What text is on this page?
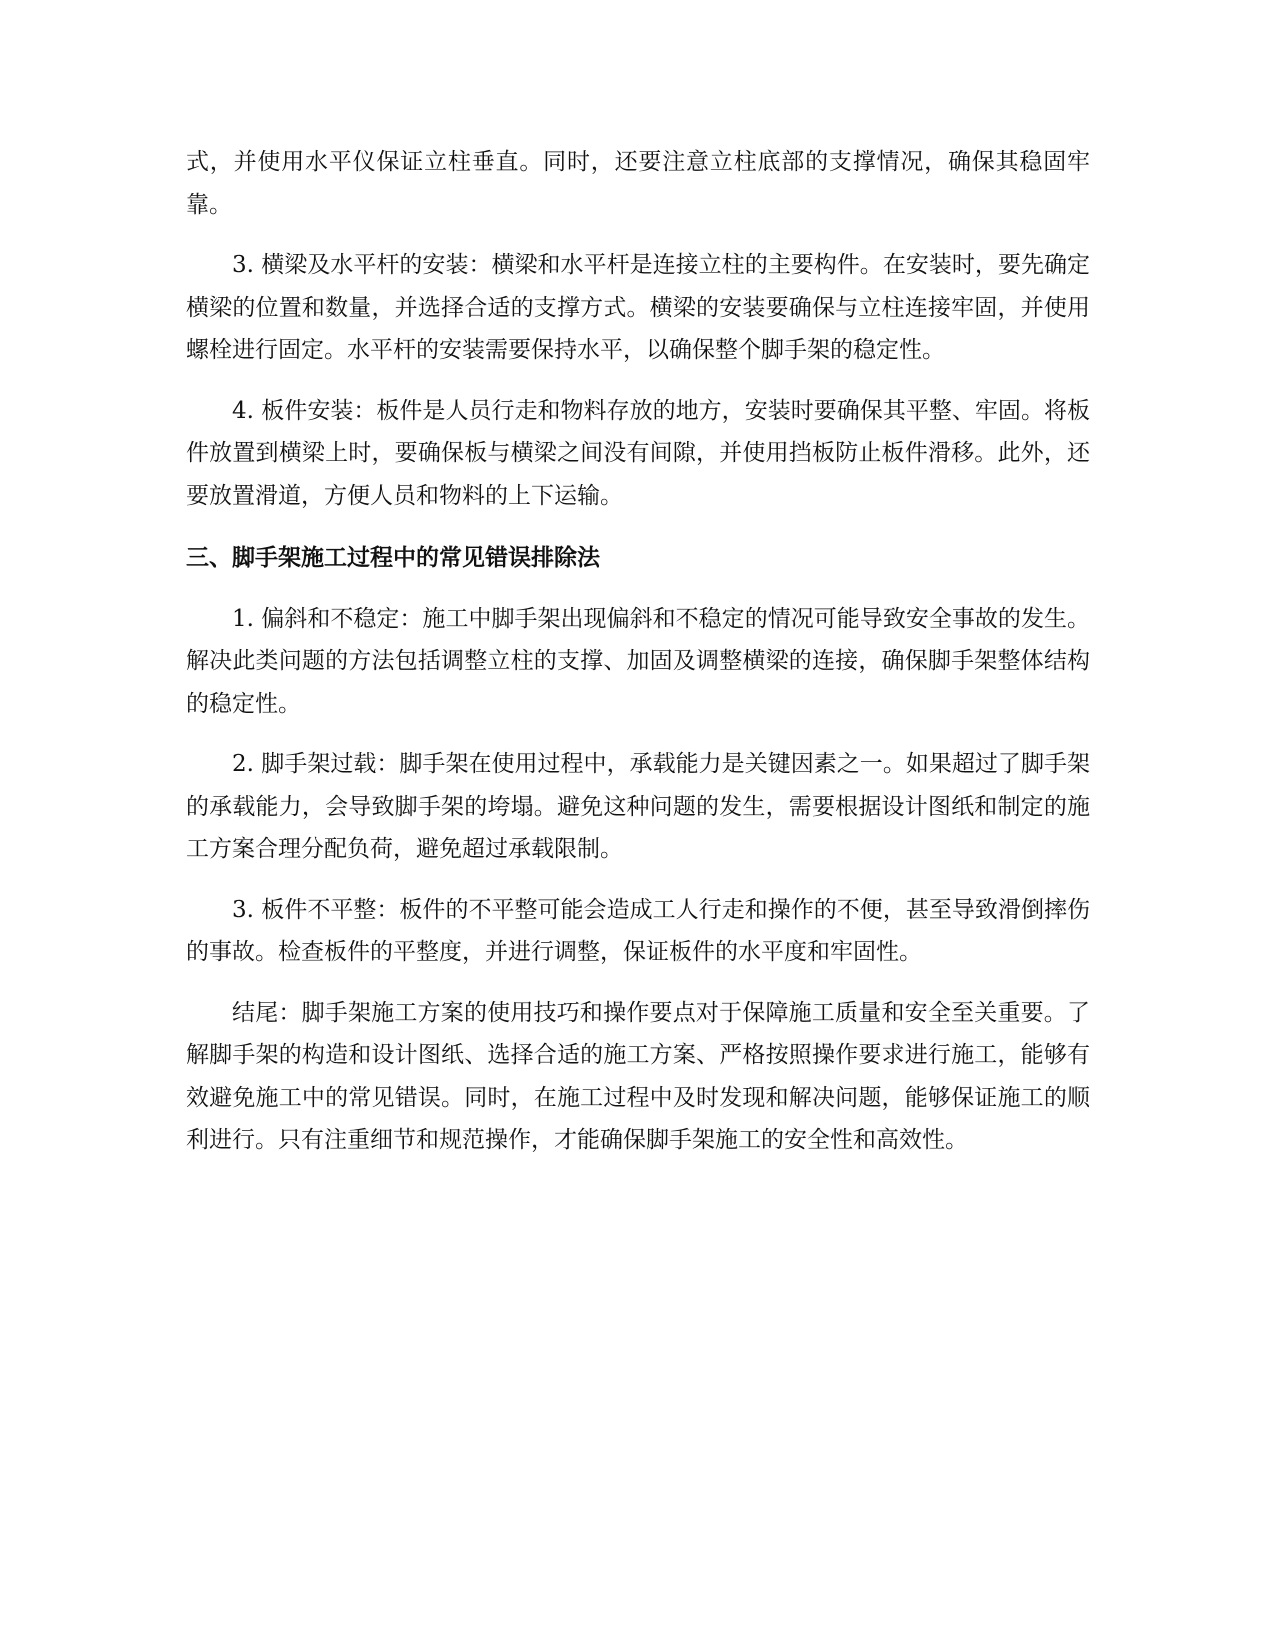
式，并使用水平仪保证立柱垂直。同时，还要注意立柱底部的支撑情况，确保其稳固牢靠。

3. 横梁及水平杆的安装：横梁和水平杆是连接立柱的主要构件。在安装时，要先确定横梁的位置和数量，并选择合适的支撑方式。横梁的安装要确保与立柱连接牢固，并使用螺栓进行固定。水平杆的安装需要保持水平，以确保整个脚手架的稳定性。

4. 板件安装：板件是人员行走和物料存放的地方，安装时要确保其平整、牢固。将板件放置到横梁上时，要确保板与横梁之间没有间隙，并使用挡板防止板件滑移。此外，还要放置滑道，方便人员和物料的上下运输。

三、脚手架施工过程中的常见错误排除法

1. 偏斜和不稳定：施工中脚手架出现偏斜和不稳定的情况可能导致安全事故的发生。解决此类问题的方法包括调整立柱的支撑、加固及调整横梁的连接，确保脚手架整体结构的稳定性。

2. 脚手架过载：脚手架在使用过程中，承载能力是关键因素之一。如果超过了脚手架的承载能力，会导致脚手架的垮塌。避免这种问题的发生，需要根据设计图纸和制定的施工方案合理分配负荷，避免超过承载限制。

3. 板件不平整：板件的不平整可能会造成工人行走和操作的不便，甚至导致滑倒摔伤的事故。检查板件的平整度，并进行调整，保证板件的水平度和牢固性。

结尾：脚手架施工方案的使用技巧和操作要点对于保障施工质量和安全至关重要。了解脚手架的构造和设计图纸、选择合适的施工方案、严格按照操作要求进行施工，能够有效避免施工中的常见错误。同时，在施工过程中及时发现和解决问题，能够保证施工的顺利进行。只有注重细节和规范操作，才能确保脚手架施工的安全性和高效性。
